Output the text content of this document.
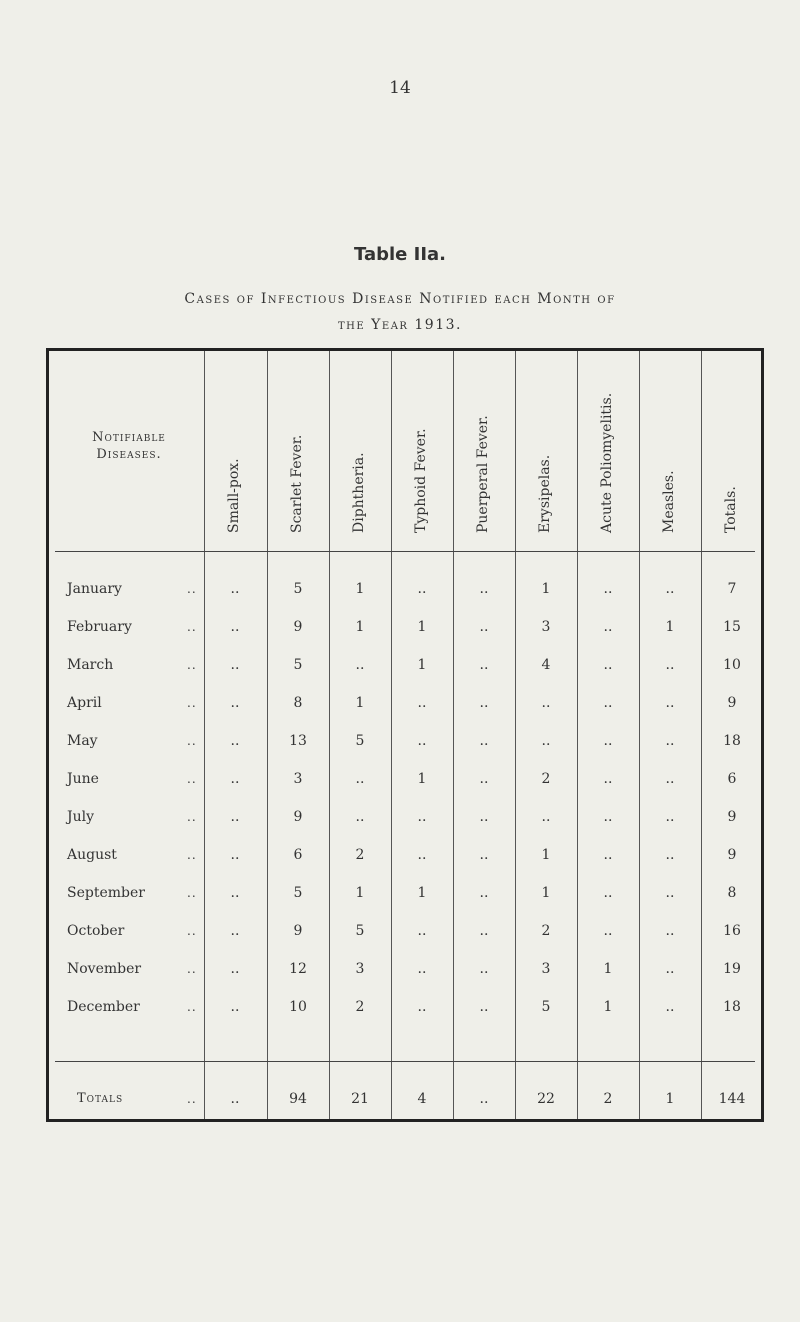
14
Table IIa.
Cases of Infectious Disease Notified each Month of
the Year 1913.
Notifiable Diseases.
Small-pox.	Scarlet Fever.	Diphtheria.	Typhoid Fever.	Puerperal Fever.	Erysipelas.	Acute Poliomyelitis.	Measles.	Totals.
January	..	..	5	1	..	..	1	..	..	7
February	..	..	9	1	1	..	3	..	1	15
March	..	..	5	..	1	..	4	..	..	10
April	..	..	8	1	..	..	..	..	..	9
May	..	..	13	5	..	..	..	..	..	18
June	..	..	3	..	1	..	2	..	..	6
July	..	..	9	..	..	..	..	..	..	9
August	..	..	6	2	..	..	1	..	..	9
September	..	..	5	1	1	..	1	..	..	8
October	..	..	9	5	..	..	2	..	..	16
November	..	..	12	3	..	..	3	1	..	19
December	..	..	10	2	..	..	5	1	..	18
Totals	..	..	94	21	4	..	22	2	1	144
